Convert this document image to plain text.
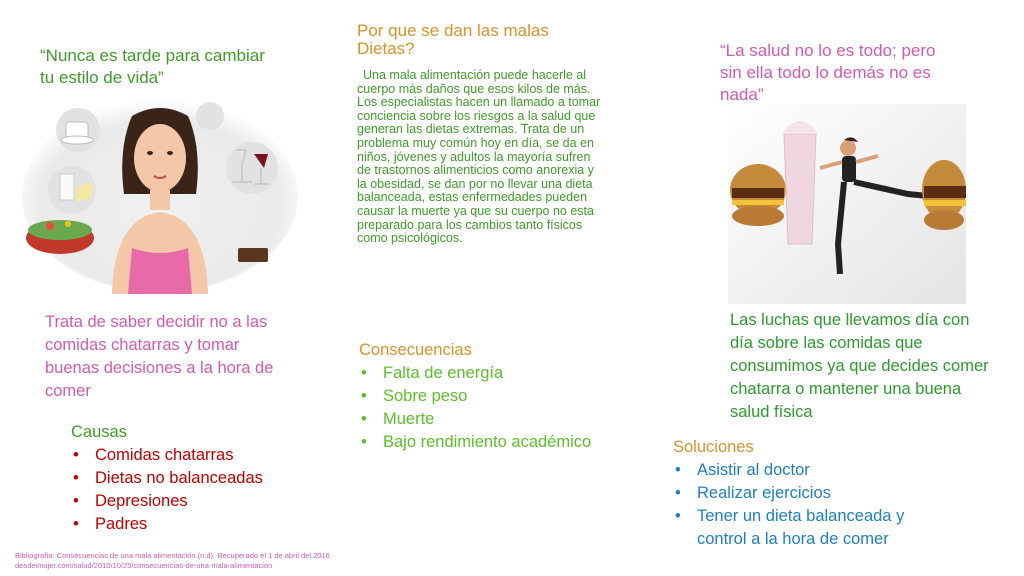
“Nunca es tarde para cambiar tu estilo de vida”
“La salud no lo es todo; pero sin ella todo lo demás no es nada”
Por que se dan las malas Dietas?
Una mala alimentación puede hacerle al cuerpo más daños que esos kilos de más. Los especialistas hacen un llamado a tomar conciencia sobre los riesgos a la salud que generan las dietas extremas. Trata de un problema muy común hoy en día, se da en niños, jóvenes y adultos la mayoría sufren de trastornos alimenticios como anorexia y la obesidad, se dan por no llevar una dieta balanceada, estas enfermedades pueden causar la muerte ya que su cuerpo no esta preparado para los cambios tanto físicos como psicológicos.
Trata de saber decidir no a las comidas chatarras y tomar buenas decisiones a la hora de comer
Las luchas que llevamos día con día sobre las comidas que consumimos ya que decides comer chatarra o mantener una buena salud física
Causas
• Comidas chatarras
• Dietas no balanceadas
• Depresiones
• Padres
Consecuencias
• Falta de energía
• Sobre peso
• Muerte
• Bajo rendimiento académico	Soluciones
• Asistir al doctor
• Realizar ejercicios
• Tener un dieta balanceada y control a la hora de comer
Bibliografía: Consecuencias de una mala alimentación.(n.d). Recuperado el 1 de abril del 2016
desdeimujer.com/salud/2010/10/25/consecuencias-de-una-mala-alimentación
